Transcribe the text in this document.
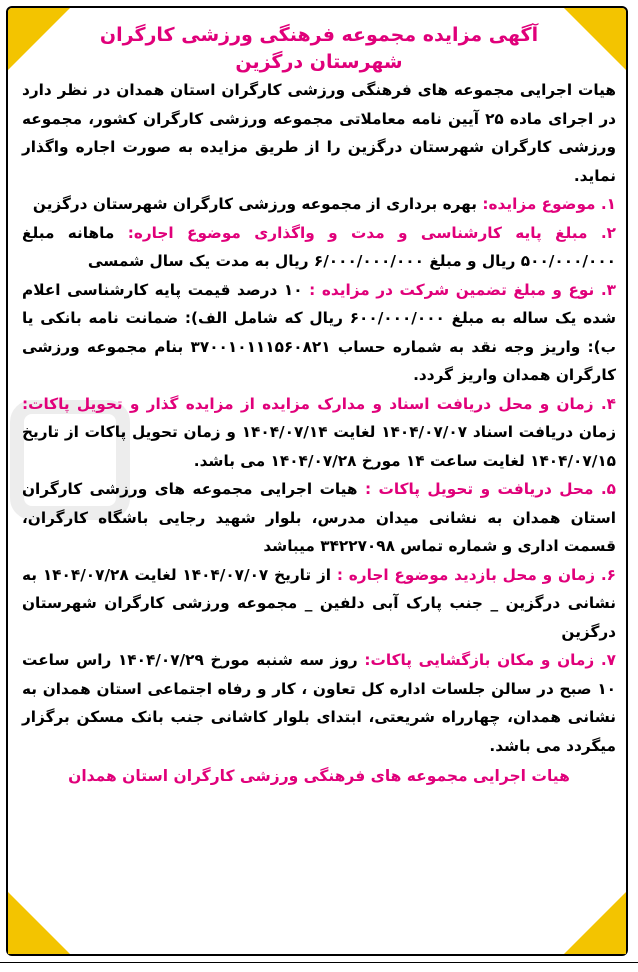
آگهی مزایده مجموعه فرهنگی ورزشی کارگران
شهرستان درگزین

هیات اجرایی مجموعه های فرهنگی ورزشی کارگران استان همدان در نظر دارد در اجرای ماده ۲۵ آیین نامه معاملاتی مجموعه ورزشی کارگران کشور، مجموعه ورزشی کارگران شهرستان درگزین را از طریق مزایده به صورت اجاره واگذار نماید.

۱. موضوع مزایده: بهره برداری از مجموعه ورزشی کارگران شهرستان درگزین

۲. مبلغ پایه کارشناسی و مدت و واگذاری موضوع اجاره: ماهانه مبلغ ۵۰۰/۰۰۰/۰۰۰ ریال و مبلغ ۶/۰۰۰/۰۰۰/۰۰۰ ریال به مدت یک سال شمسی

۳. نوع و مبلغ تضمین شرکت در مزایده : ۱۰ درصد قیمت پایه کارشناسی اعلام شده یک ساله به مبلغ ۶۰۰/۰۰۰/۰۰۰ ریال که شامل الف): ضمانت نامه بانکی یا ب): واریز وجه نقد به شماره حساب ۳۷۰۰۱۰۱۱۱۵۶۰۸۲۱ بنام مجموعه ورزشی کارگران همدان واریز گردد.

۴. زمان و محل دریافت اسناد و مدارک مزایده از مزایده گذار و تحویل پاکات: زمان دریافت اسناد ۱۴۰۴/۰۷/۰۷ لغایت ۱۴۰۴/۰۷/۱۴ و زمان تحویل پاکات از تاریخ ۱۴۰۴/۰۷/۱۵ لغایت ساعت ۱۴ مورخ ۱۴۰۴/۰۷/۲۸ می باشد.

۵. محل دریافت و تحویل پاکات : هیات اجرایی مجموعه های ورزشی کارگران استان همدان به نشانی میدان مدرس، بلوار شهید رجایی باشگاه کارگران، قسمت اداری و شماره تماس ۳۴۲۲۷۰۹۸ میباشد

۶. زمان و محل بازدید موضوع اجاره : از تاریخ ۱۴۰۴/۰۷/۰۷ لغایت ۱۴۰۴/۰۷/۲۸ به نشانی درگزین _ جنب پارک آبی دلفین _ مجموعه ورزشی کارگران شهرستان درگزین

۷. زمان و مکان بازگشایی پاکات: روز سه شنبه مورخ ۱۴۰۴/۰۷/۲۹ راس ساعت ۱۰ صبح در سالن جلسات اداره کل تعاون ، کار و رفاه اجتماعی استان همدان به نشانی همدان، چهارراه شریعتی، ابتدای بلوار کاشانی جنب بانک مسکن برگزار میگردد می باشد.

هیات اجرایی مجموعه های فرهنگی ورزشی کارگران استان همدان
